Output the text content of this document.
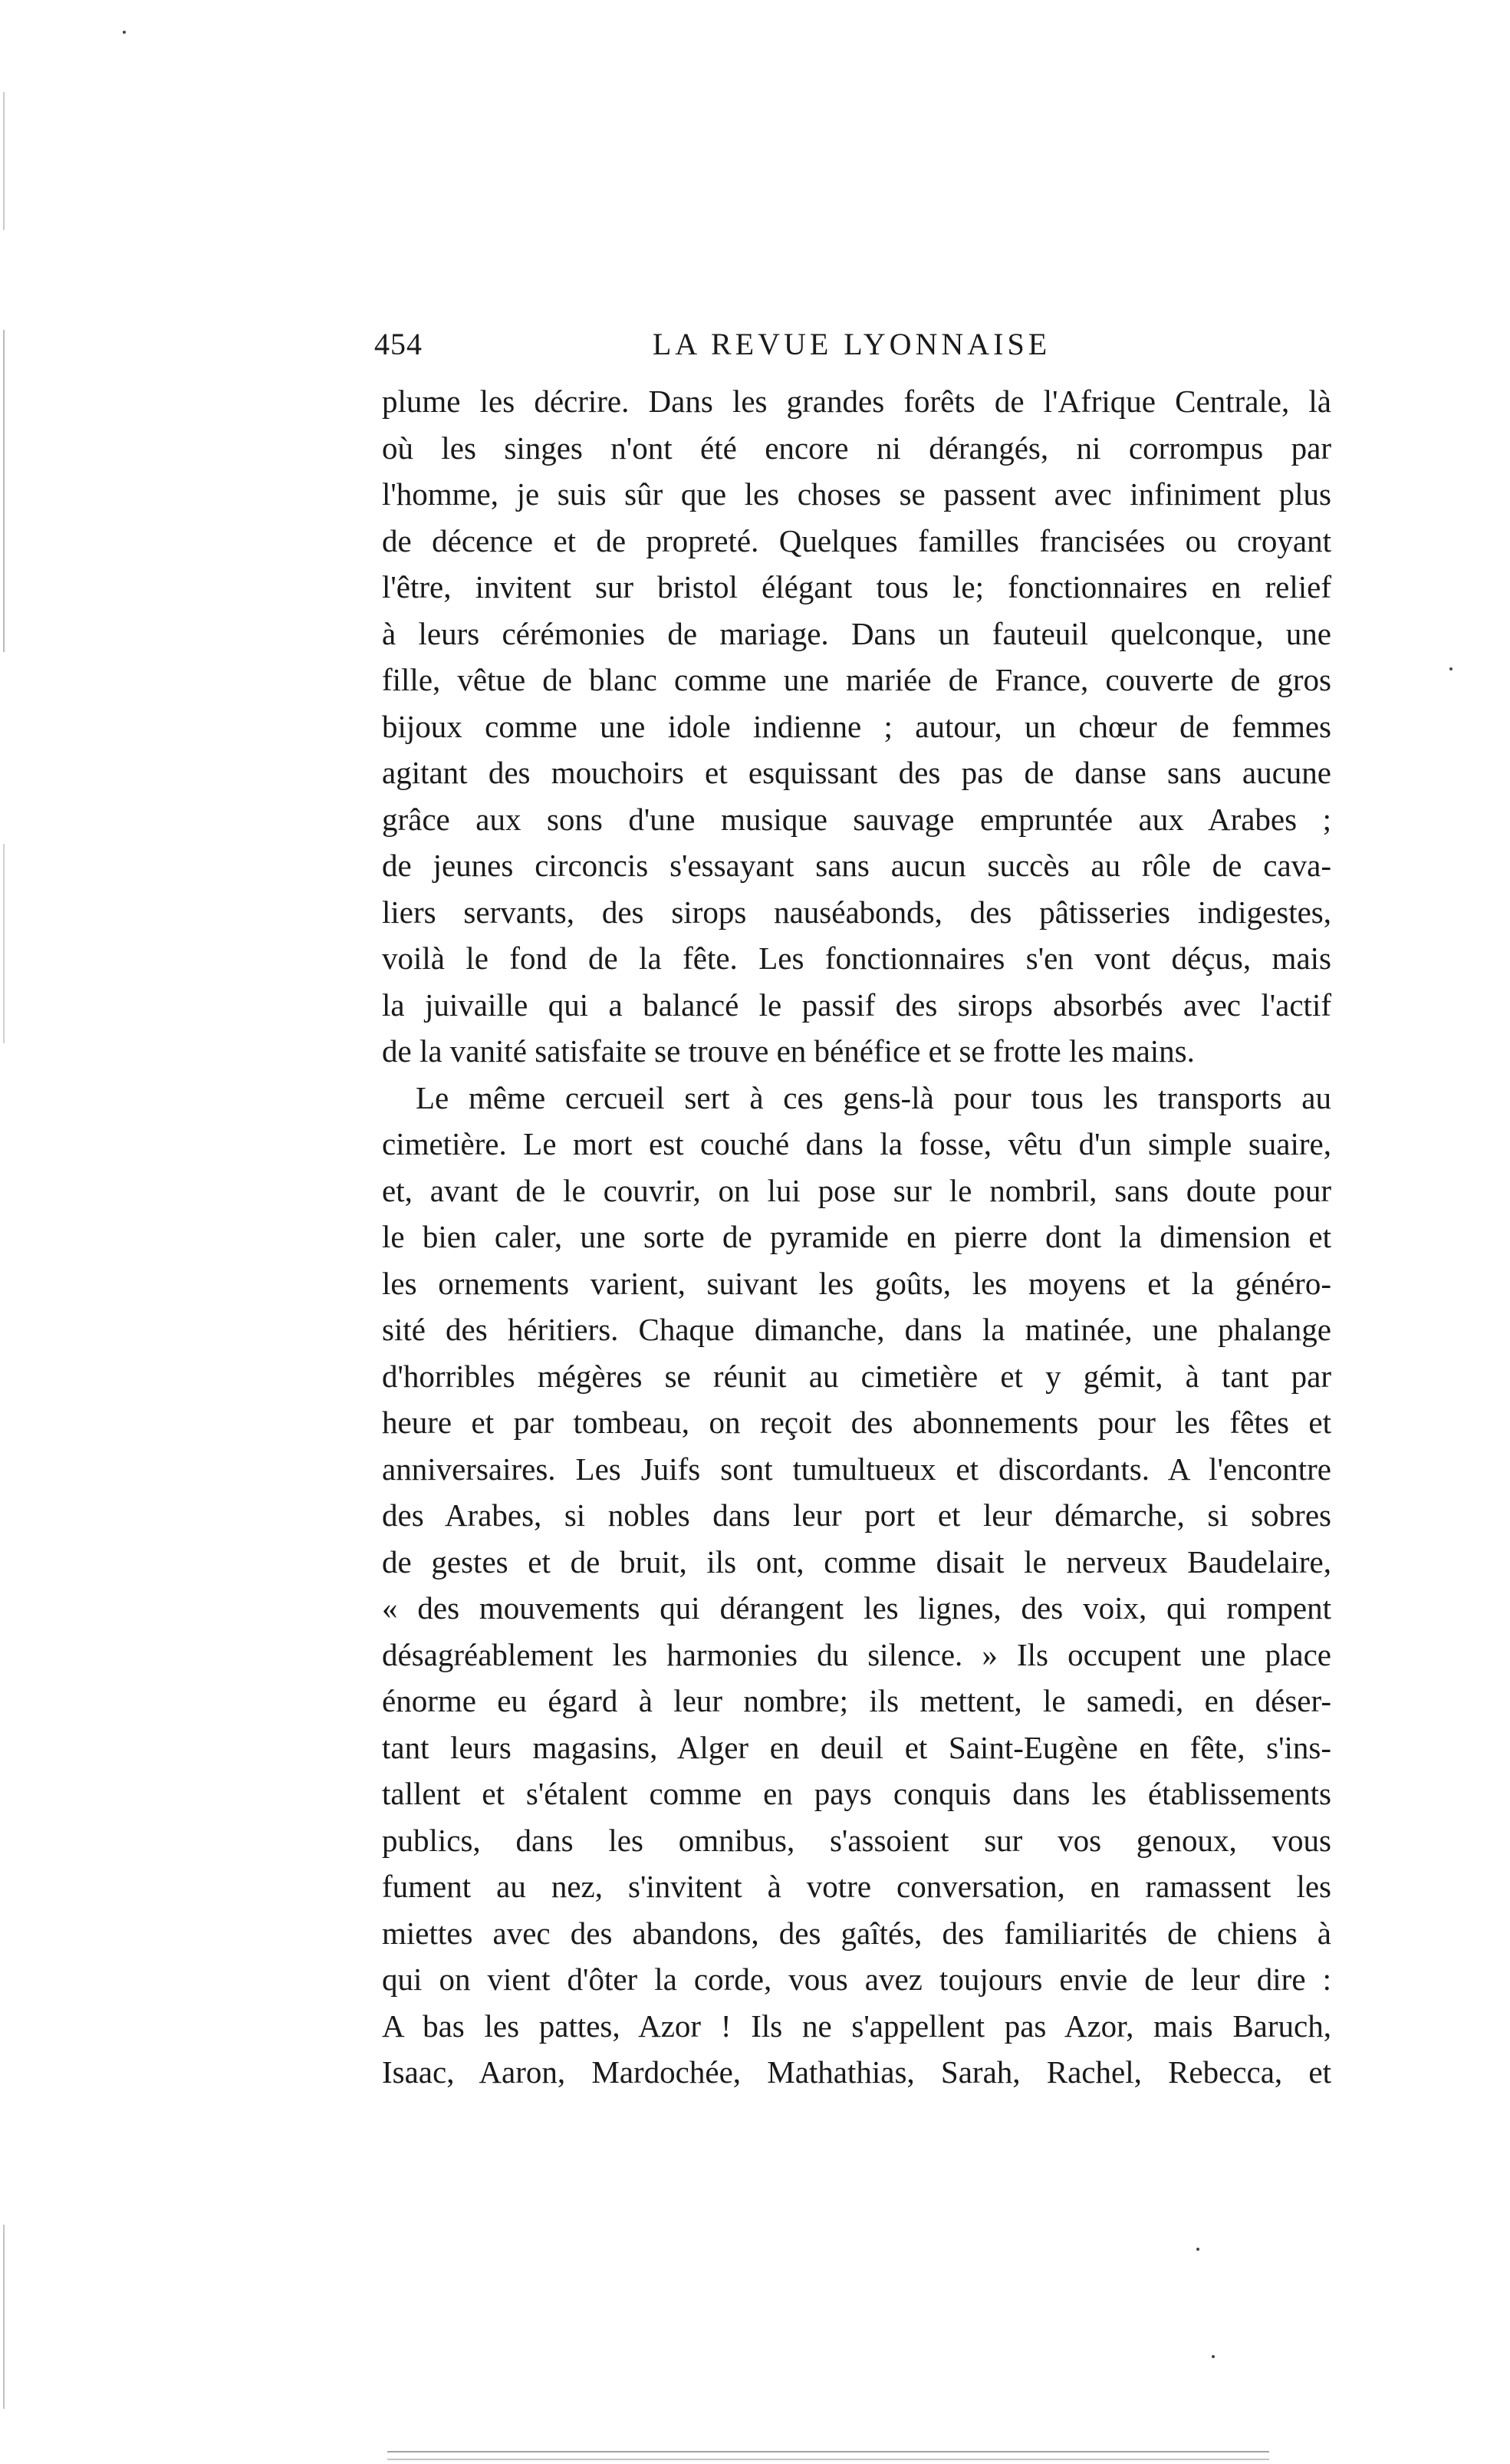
454	LA REVUE LYONNAISE
plume les décrire. Dans les grandes forêts de l'Afrique Centrale, là
où les singes n'ont été encore ni dérangés, ni corrompus par
l'homme, je suis sûr que les choses se passent avec infiniment plus
de décence et de propreté. Quelques familles francisées ou croyant
l'être, invitent sur bristol élégant tous le; fonctionnaires en relief
à leurs cérémonies de mariage. Dans un fauteuil quelconque, une
fille, vêtue de blanc comme une mariée de France, couverte de gros
bijoux comme une idole indienne ; autour, un chœur de femmes
agitant des mouchoirs et esquissant des pas de danse sans aucune
grâce aux sons d'une musique sauvage empruntée aux Arabes ;
de jeunes circoncis s'essayant sans aucun succès au rôle de cava-
liers servants, des sirops nauséabonds, des pâtisseries indigestes,
voilà le fond de la fête. Les fonctionnaires s'en vont déçus, mais
la juivaille qui a balancé le passif des sirops absorbés avec l'actif
de la vanité satisfaite se trouve en bénéfice et se frotte les mains.
Le même cercueil sert à ces gens-là pour tous les transports au
cimetière. Le mort est couché dans la fosse, vêtu d'un simple suaire,
et, avant de le couvrir, on lui pose sur le nombril, sans doute pour
le bien caler, une sorte de pyramide en pierre dont la dimension et
les ornements varient, suivant les goûts, les moyens et la généro-
sité des héritiers. Chaque dimanche, dans la matinée, une phalange
d'horribles mégères se réunit au cimetière et y gémit, à tant par
heure et par tombeau, on reçoit des abonnements pour les fêtes et
anniversaires. Les Juifs sont tumultueux et discordants. A l'encontre
des Arabes, si nobles dans leur port et leur démarche, si sobres
de gestes et de bruit, ils ont, comme disait le nerveux Baudelaire,
« des mouvements qui dérangent les lignes, des voix, qui rompent
désagréablement les harmonies du silence. » Ils occupent une place
énorme eu égard à leur nombre; ils mettent, le samedi, en déser-
tant leurs magasins, Alger en deuil et Saint-Eugène en fête, s'ins-
tallent et s'étalent comme en pays conquis dans les établissements
publics, dans les omnibus, s'assoient sur vos genoux, vous
fument au nez, s'invitent à votre conversation, en ramassent les
miettes avec des abandons, des gaîtés, des familiarités de chiens à
qui on vient d'ôter la corde, vous avez toujours envie de leur dire :
A bas les pattes, Azor ! Ils ne s'appellent pas Azor, mais Baruch,
Isaac, Aaron, Mardochée, Mathathias, Sarah, Rachel, Rebecca, et
